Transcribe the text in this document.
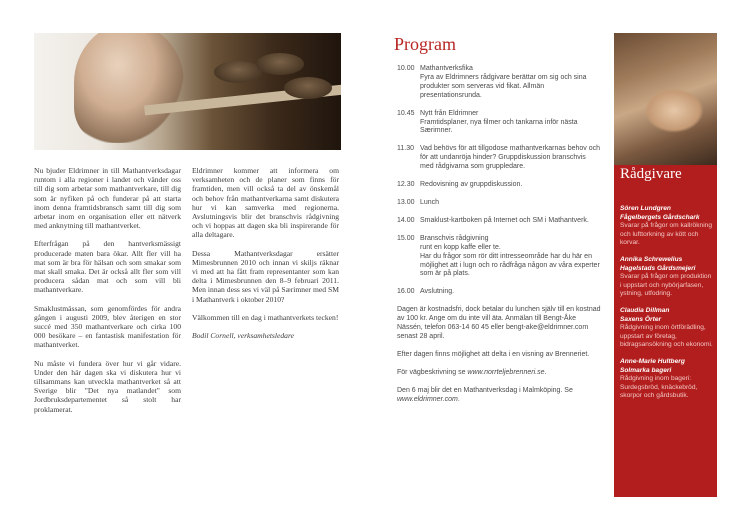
Nu bjuder Eldrimner in till Mathantverksdagar runtom i alla regioner i landet och vänder oss till dig som arbetar som mathantverkare, till dig som är nyfiken på och funderar på att starta inom denna framtidsbransch samt till dig som arbetar inom en organisation eller ett nätverk med anknytning till mathantverket.

Efterfrågan på den hantverksmässigt producerade maten bara ökar. Allt fler vill ha mat som är bra för hälsan och som smakar som mat skall smaka. Det är också allt fler som vill producera sådan mat och som vill bli mathantverkare.

Smaklustmässan, som genomfördes för andra gången i augusti 2009, blev återigen en stor succé med 350 mathantverkare och cirka 100 000 besökare – en fantastisk manifestation för mathantverket.

Nu måste vi fundera över hur vi går vidare. Under den här dagen ska vi diskutera hur vi tillsammans kan utveckla mathantverket så att Sverige blir "Det nya matlandet" som Jordbruksdepartementet så stolt har proklamerat.

Eldrimner kommer att informera om verksamheten och de planer som finns för framtiden, men vill också ta del av önskemål och behov från mathantverkarna samt diskutera hur vi kan samverka med regionerna. Avslutningsvis blir det branschvis rådgivning och vi hoppas att dagen ska bli inspirerande för alla deltagare.

Dessa Mathantverksdagar ersätter Mimesbrunnen 2010 och innan vi skiljs räknar vi med att ha fått fram representanter som kan delta i Mimesbrunnen den 8–9 februari 2011. Men innan dess ses vi väl på Særimner med SM i Mathantverk i oktober 2010?

Välkommen till en dag i mathantverkets tecken!

Bodil Cornell, verksamhetsledare

Program
10.00 Mathantverksfika
Fyra av Eldrimners rådgivare berättar om sig och sina produkter som serveras vid fikat. Allmän presentationsrunda.
10.45 Nytt från Eldrimner
Framtidsplaner, nya filmer och tankarna inför nästa Særimner.
11.30 Vad behövs för att tillgodose mathantverkarnas behov och för att undanröja hinder? Gruppdiskussion branschvis med rådgivarna som gruppledare.
12.30 Redovisning av gruppdiskussion.
13.00 Lunch
14.00 Smaklust-kartboken på Internet och SM i Mathantverk.
15.00 Branschvis rådgivning
runt en kopp kaffe eller te.
Har du frågor som rör ditt intresseområde har du här en möjlighet att i lugn och ro rådfråga någon av våra experter som är på plats.
16.00 Avslutning.
Dagen är kostnadsfri, dock betalar du lunchen själv till en kostnad av 100 kr. Ange om du inte vill äta. Anmälan till Bengt-Åke Nässén, telefon 063-14 60 45 eller bengt-ake@eldrimner.com senast 28 april.
Efter dagen finns möjlighet att delta i en visning av Brenneriet.
För vägbeskrivning se www.norrteljebrenneri.se.
Den 6 maj blir det en Mathantverksdag i Malmköping. Se www.eldrimner.com.
Rådgivare
Sören Lundgren
Fågelbergets Gårdschark
Svarar på frågor om kallrökning och lufttorkning av kött och korvar.
Annika Schrewelius
Hagelstads Gårdsmejeri
Svarar på frågor om produktion i uppstart och nybörjarfasen, ystning, utfodring.
Claudia Dillman
Saxens Örter
Rådgivning inom örtförädling, uppstart av företag, bidragsansökning och ekonomi.
Anne-Marie Hultberg
Solmarka bageri
Rådgivning inom bageri: Surdegsbröd, knäckebröd, skorpor och gårdsbutik.
